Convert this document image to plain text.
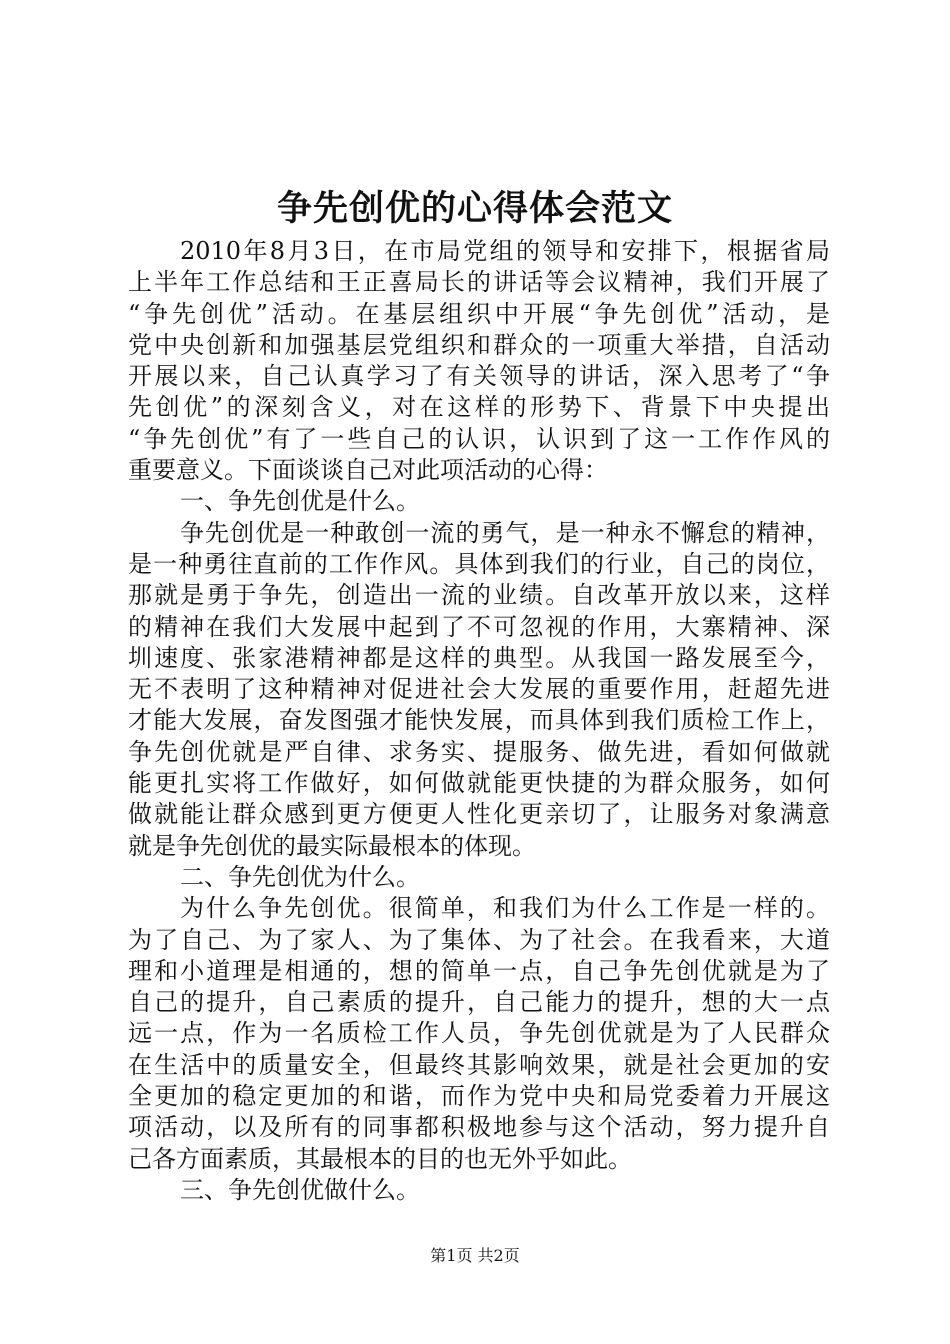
争先创优的心得体会范文
2010年8月3日，在市局党组的领导和安排下，根据省局
上半年工作总结和王正喜局长的讲话等会议精神，我们开展了
“争先创优”活动。在基层组织中开展“争先创优”活动，是
党中央创新和加强基层党组织和群众的一项重大举措，自活动
开展以来，自己认真学习了有关领导的讲话，深入思考了“争
先创优”的深刻含义，对在这样的形势下、背景下中央提出
“争先创优”有了一些自己的认识，认识到了这一工作作风的
重要意义。下面谈谈自己对此项活动的心得：
一、争先创优是什么。
争先创优是一种敢创一流的勇气，是一种永不懈怠的精神，
是一种勇往直前的工作作风。具体到我们的行业，自己的岗位，
那就是勇于争先，创造出一流的业绩。自改革开放以来，这样
的精神在我们大发展中起到了不可忽视的作用，大寨精神、深
圳速度、张家港精神都是这样的典型。从我国一路发展至今，
无不表明了这种精神对促进社会大发展的重要作用，赶超先进
才能大发展，奋发图强才能快发展，而具体到我们质检工作上，
争先创优就是严自律、求务实、提服务、做先进，看如何做就
能更扎实将工作做好，如何做就能更快捷的为群众服务，如何
做就能让群众感到更方便更人性化更亲切了，让服务对象满意
就是争先创优的最实际最根本的体现。
二、争先创优为什么。
为什么争先创优。很简单，和我们为什么工作是一样的。
为了自己、为了家人、为了集体、为了社会。在我看来，大道
理和小道理是相通的，想的简单一点，自己争先创优就是为了
自己的提升，自己素质的提升，自己能力的提升，想的大一点
远一点，作为一名质检工作人员，争先创优就是为了人民群众
在生活中的质量安全，但最终其影响效果，就是社会更加的安
全更加的稳定更加的和谐，而作为党中央和局党委着力开展这
项活动，以及所有的同事都积极地参与这个活动，努力提升自
己各方面素质，其最根本的目的也无外乎如此。
三、争先创优做什么。
第1页 共2页
